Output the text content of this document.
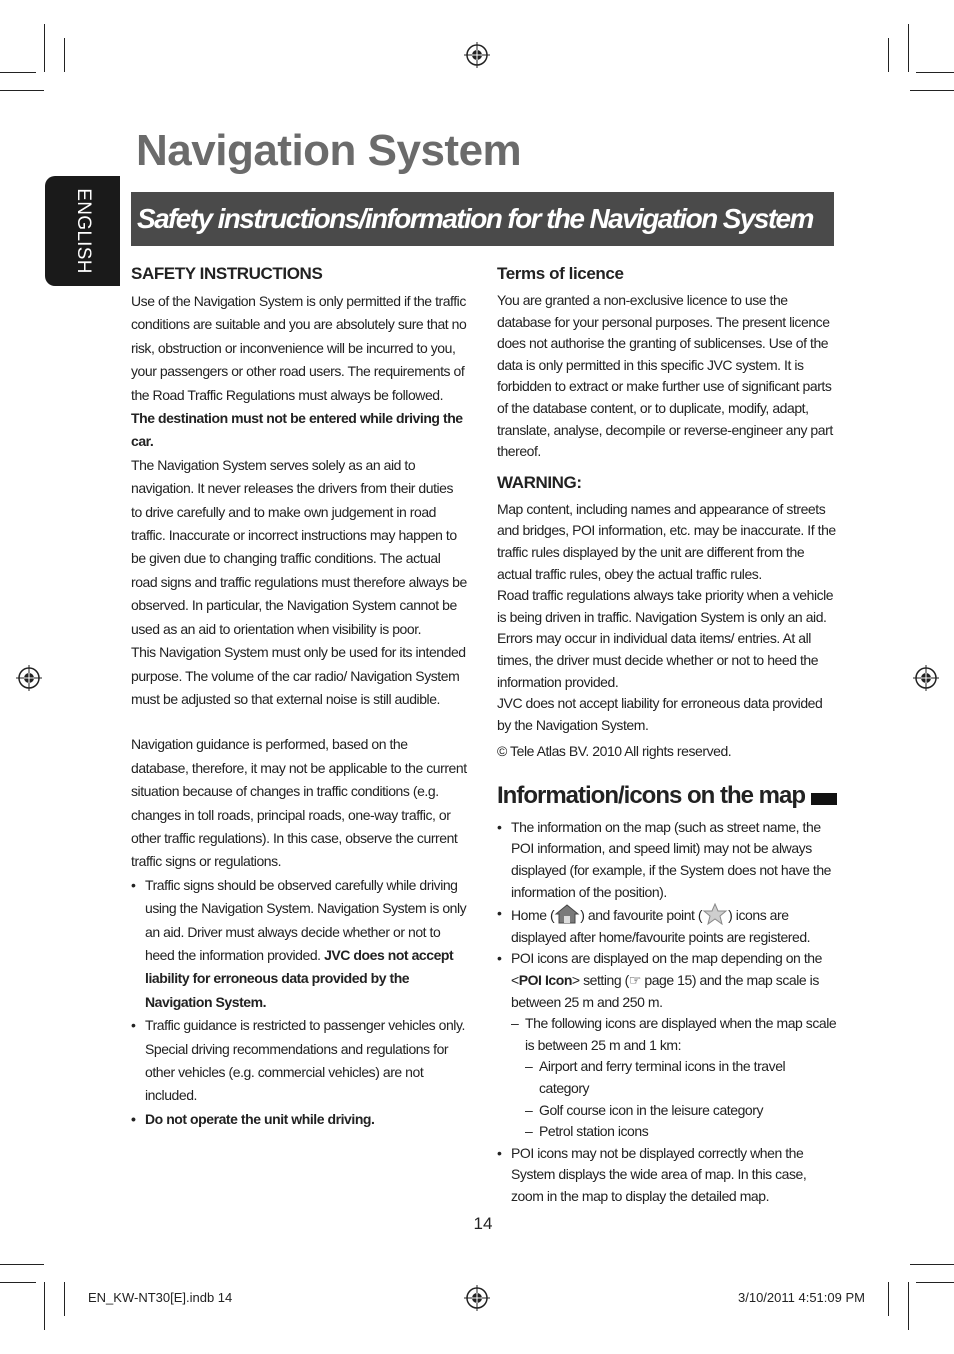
Navigation System
Safety instructions/information for the Navigation System
ENGLISH SAFETY INSTRUCTIONS

Use of the Navigation System is only permitted if the traffic conditions are suitable and you are absolutely sure that no risk, obstruction or inconvenience will be incurred to you, your passengers or other road users. The requirements of the Road Traffic Regulations must always be followed. The destination must not be entered while driving the car.

The Navigation System serves solely as an aid to navigation. It never releases the drivers from their duties to drive carefully and to make own judgement in road traffic. Inaccurate or incorrect instructions may happen to be given due to changing traffic conditions. The actual road signs and traffic regulations must therefore always be observed. In particular, the Navigation System cannot be used as an aid to orientation when visibility is poor.

This Navigation System must only be used for its intended purpose. The volume of the car radio/ Navigation System must be adjusted so that external noise is still audible.

Navigation guidance is performed, based on the database, therefore, it may not be applicable to the current situation because of changes in traffic conditions (e.g. changes in toll roads, principal roads, one-way traffic, or other traffic regulations). In this case, observe the current traffic signs or regulations.

• Traffic signs should be observed carefully while driving using the Navigation System. Navigation System is only an aid. Driver must always decide whether or not to heed the information provided. JVC does not accept liability for erroneous data provided by the Navigation System.
• Traffic guidance is restricted to passenger vehicles only. Special driving recommendations and regulations for other vehicles (e.g. commercial vehicles) are not included.
• Do not operate the unit while driving.
Terms of licence

You are granted a non-exclusive licence to use the database for your personal purposes. The present licence does not authorise the granting of sublicenses. Use of the data is only permitted in this specific JVC system. It is forbidden to extract or make further use of significant parts of the database content, or to duplicate, modify, adapt, translate, analyse, decompile or reverse-engineer any part thereof.

WARNING:

Map content, including names and appearance of streets and bridges, POI information, etc. may be inaccurate. If the traffic rules displayed by the unit are different from the actual traffic rules, obey the actual traffic rules.

Road traffic regulations always take priority when a vehicle is being driven in traffic. Navigation System is only an aid. Errors may occur in individual data items/ entries. At all times, the driver must decide whether or not to heed the information provided.

JVC does not accept liability for erroneous data provided by the Navigation System.

© Tele Atlas BV. 2010 All rights reserved.

Information/icons on the map
• The information on the map (such as street name, the POI information, and speed limit) may not be always displayed (for example, if the System does not have the information of the position).
• Home ( ) and favourite point ( ) icons are displayed after home/favourite points are registered.
• POI icons are displayed on the map depending on the <POI Icon> setting (☞ page 15) and the map scale is between 25 m and 250 m.
– The following icons are displayed when the map scale is between 25 m and 1 km:
– Airport and ferry terminal icons in the travel category
– Golf course icon in the leisure category
– Petrol station icons
• POI icons may not be displayed correctly when the System displays the wide area of map. In this case, zoom in the map to display the detailed map.
14
EN_KW-NT30[E].indb 14	3/10/2011 4:51:09 PM
